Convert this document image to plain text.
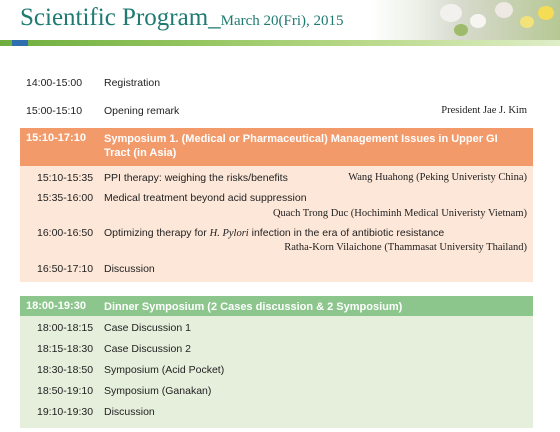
Scientific Program_March 20(Fri), 2015
14:00-15:00 Registration
15:00-15:10 Opening remark	President Jae J. Kim
15:10-17:10 Symposium 1. (Medical or Pharmaceutical) Management Issues in Upper GI Tract (in Asia)
15:10-15:35 PPI therapy: weighing the risks/benefits	Wang Huahong (Peking Univeristy China)
15:35-16:00 Medical treatment beyond acid suppression
Quach Trong Duc (Hochiminh Medical Univeristy Vietnam)
16:00-16:50 Optimizing therapy for H. Pylori infection in the era of antibiotic resistance
Ratha-Korn Vilaichone (Thammasat University Thailand)
16:50-17:10 Discussion
18:00-19:30 Dinner Symposium (2 Cases discussion & 2 Symposium)
18:00-18:15 Case Discussion 1
18:15-18:30 Case Discussion 2
18:30-18:50 Symposium (Acid Pocket)
18:50-19:10 Symposium (Ganakan)
19:10-19:30 Discussion
